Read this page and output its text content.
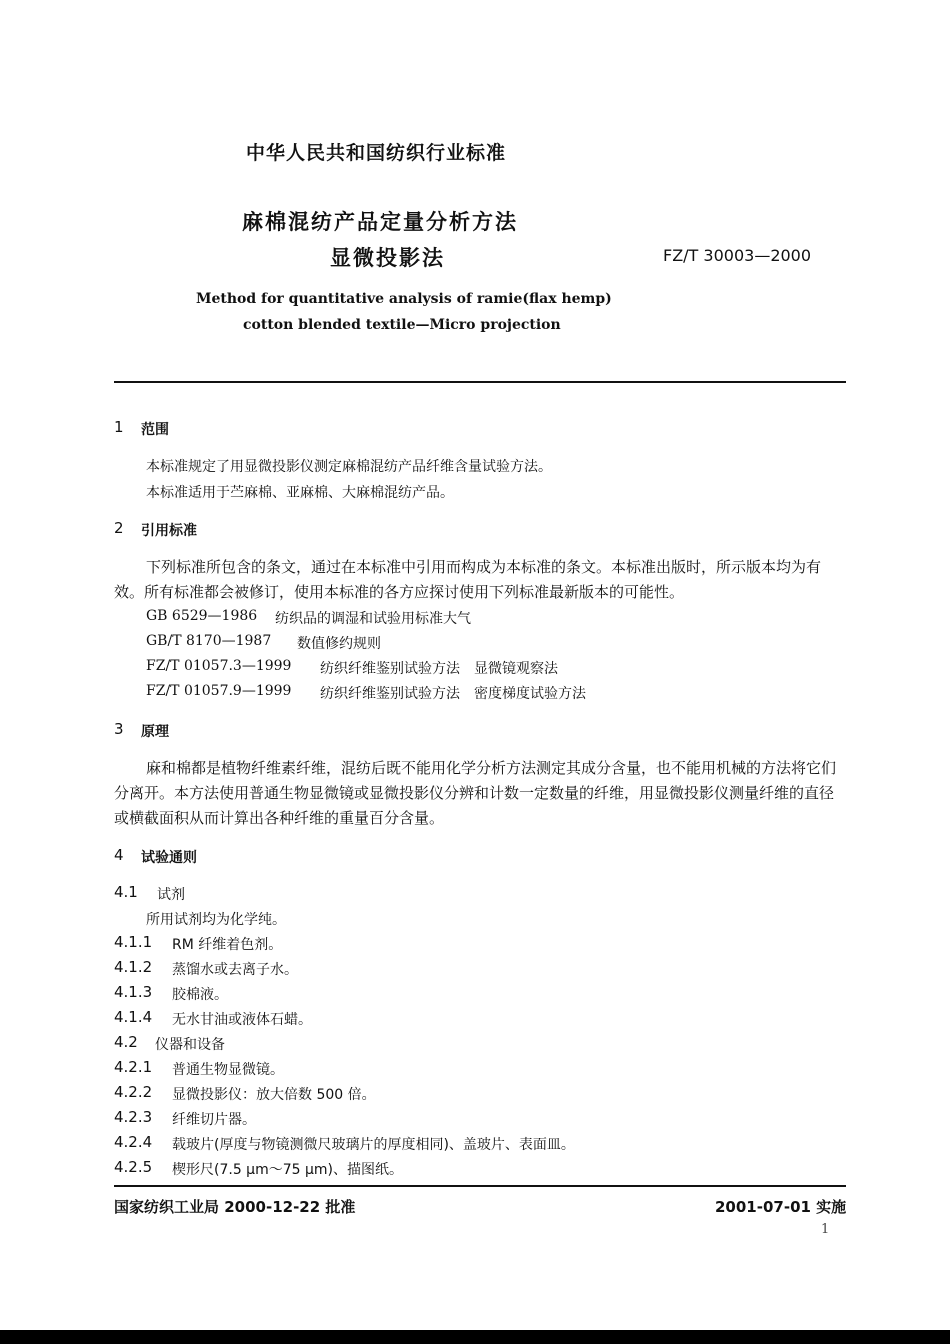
中华人民共和国纺织行业标准
麻棉混纺产品定量分析方法
显微投影法	FZ/T 30003—2000
Method for quantitative analysis of ramie(flax hemp)
cotton blended textile—Micro projection
1 范围
本标准规定了用显微投影仪测定麻棉混纺产品纤维含量试验方法。
本标准适用于苎麻棉、亚麻棉、大麻棉混纺产品。
2 引用标准

下列标准所包含的条文，通过在本标准中引用而构成为本标准的条文。本标准出版时，所示版本均为有效。所有标准都会被修订，使用本标准的各方应探讨使用下列标准最新版本的可能性。

GB 6529—1986 纺织品的调湿和试验用标准大气
GB/T 8170—1987 数值修约规则
FZ/T 01057.3—1999 纺织纤维鉴别试验方法　显微镜观察法
FZ/T 01057.9—1999 纺织纤维鉴别试验方法　密度梯度试验方法
3 原理

麻和棉都是植物纤维素纤维，混纺后既不能用化学分析方法测定其成分含量，也不能用机械的方法将它们分离开。本方法使用普通生物显微镜或显微投影仪分辨和计数一定数量的纤维，用显微投影仪测量纤维的直径或横截面积从而计算出各种纤维的重量百分含量。

4 试验通则
4.1 试剂
所用试剂均为化学纯。
4.1.1 RM 纤维着色剂。
4.1.2 蒸馏水或去离子水。
4.1.3 胶棉液。
4.1.4 无水甘油或液体石蜡。
4.2 仪器和设备
4.2.1 普通生物显微镜。
4.2.2 显微投影仪：放大倍数 500 倍。
4.2.3 纤维切片器。
4.2.4 载玻片(厚度与物镜测微尺玻璃片的厚度相同)、盖玻片、表面皿。
4.2.5 楔形尺(7.5 μm～75 μm)、描图纸。
国家纺织工业局 2000-12-22 批准	2001-07-01 实施
1
